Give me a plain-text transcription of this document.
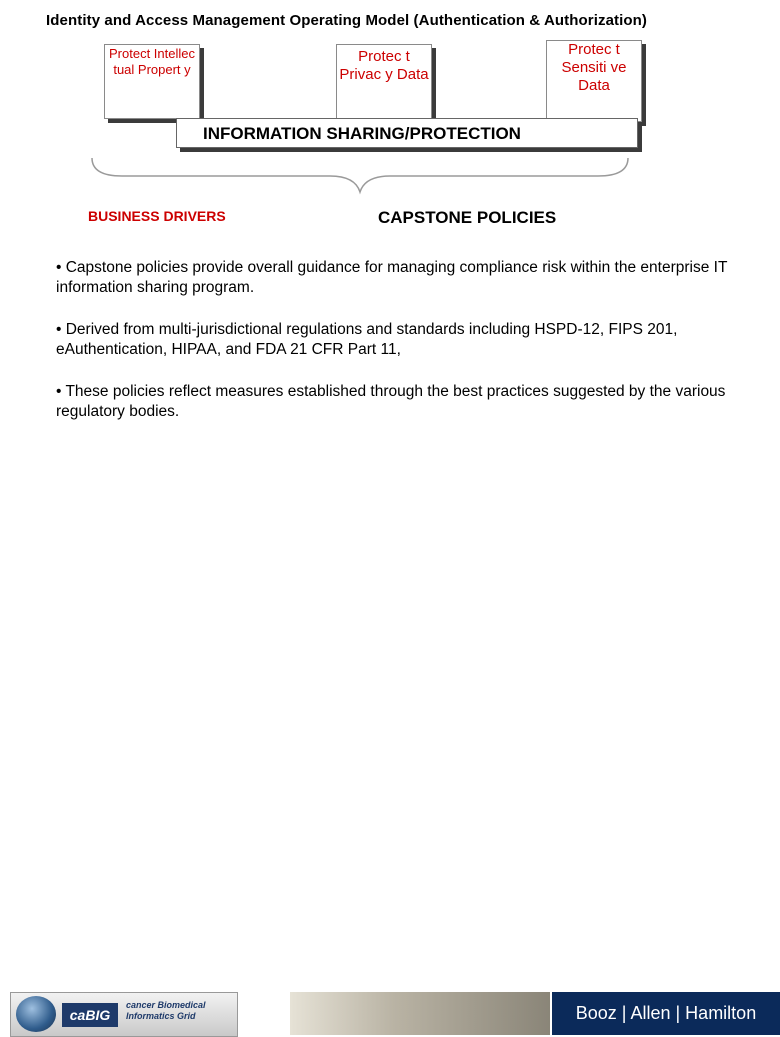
Identity and Access Management Operating Model (Authentication & Authorization)
Protect Intellec tual Propert y
Protec t Privac y Data
Protec t Sensiti ve Data
INFORMATION SHARING/PROTECTION
BUSINESS DRIVERS	CAPSTONE POLICIES
• Capstone policies provide overall guidance for managing compliance risk within the enterprise IT information sharing program.
• Derived from multi-jurisdictional regulations and standards including HSPD-12, FIPS 201, eAuthentication, HIPAA, and FDA 21 CFR Part 11,
• These policies reflect measures established through the best practices suggested by the various regulatory bodies.
caBIG
cancer Biomedical Informatics Grid	Booz | Allen | Hamilton
